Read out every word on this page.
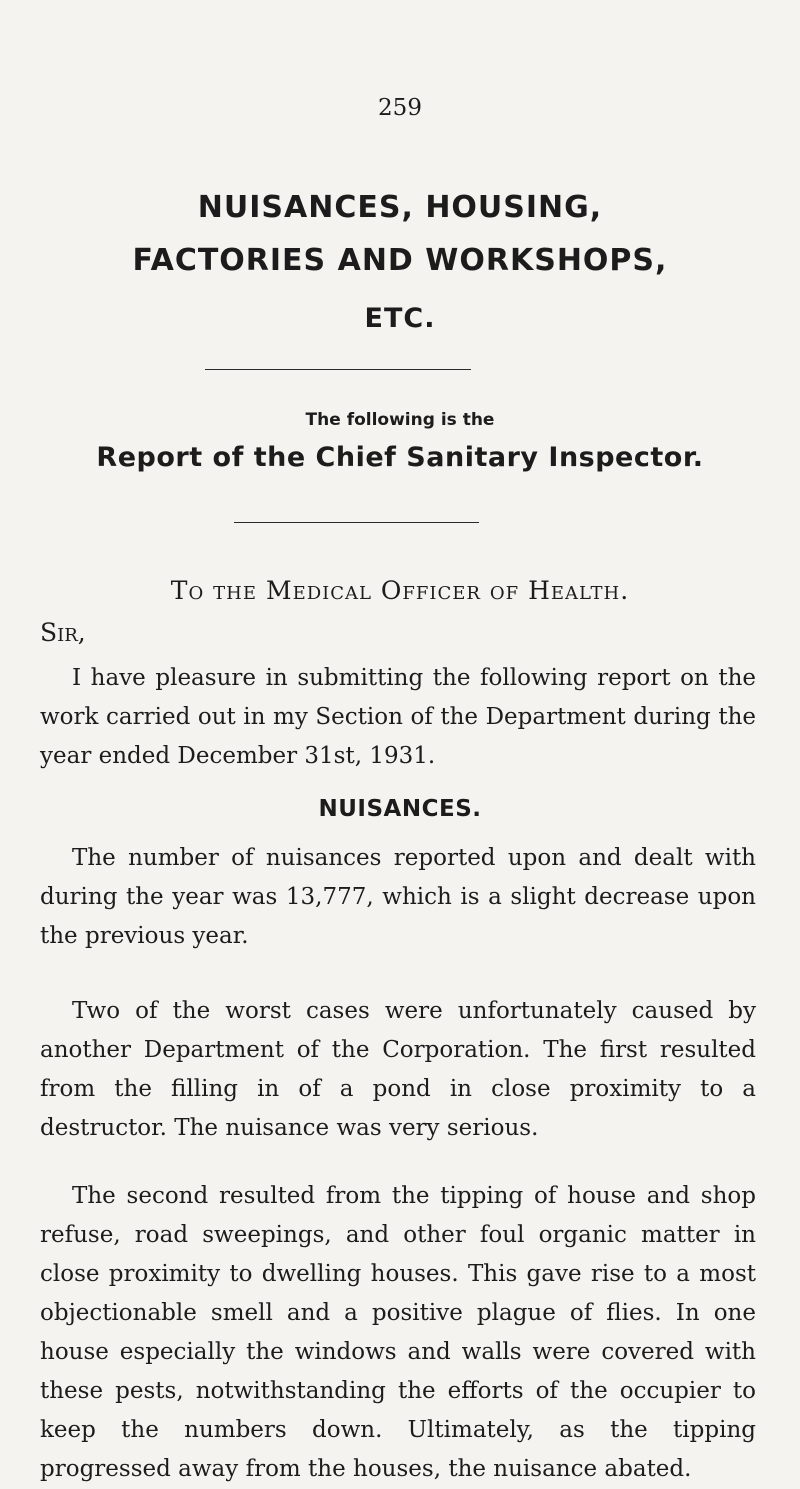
259
NUISANCES, HOUSING,
FACTORIES AND WORKSHOPS,
ETC.
The following is the
Report of the Chief Sanitary Inspector.
To the Medical Officer of Health.
Sir,

I have pleasure in submitting the following report on the work carried out in my Section of the Department during the year ended December 31st, 1931.

NUISANCES.

The number of nuisances reported upon and dealt with during the year was 13,777, which is a slight decrease upon the previous year.

Two of the worst cases were unfortunately caused by another Department of the Corporation. The first resulted from the filling in of a pond in close proximity to a destructor. The nuisance was very serious.

The second resulted from the tipping of house and shop refuse, road sweepings, and other foul organic matter in close proximity to dwelling houses. This gave rise to a most objectionable smell and a positive plague of flies. In one house especially the windows and walls were covered with these pests, notwithstanding the efforts of the occupier to keep the numbers down. Ultimately, as the tipping progressed away from the houses, the nuisance abated.
